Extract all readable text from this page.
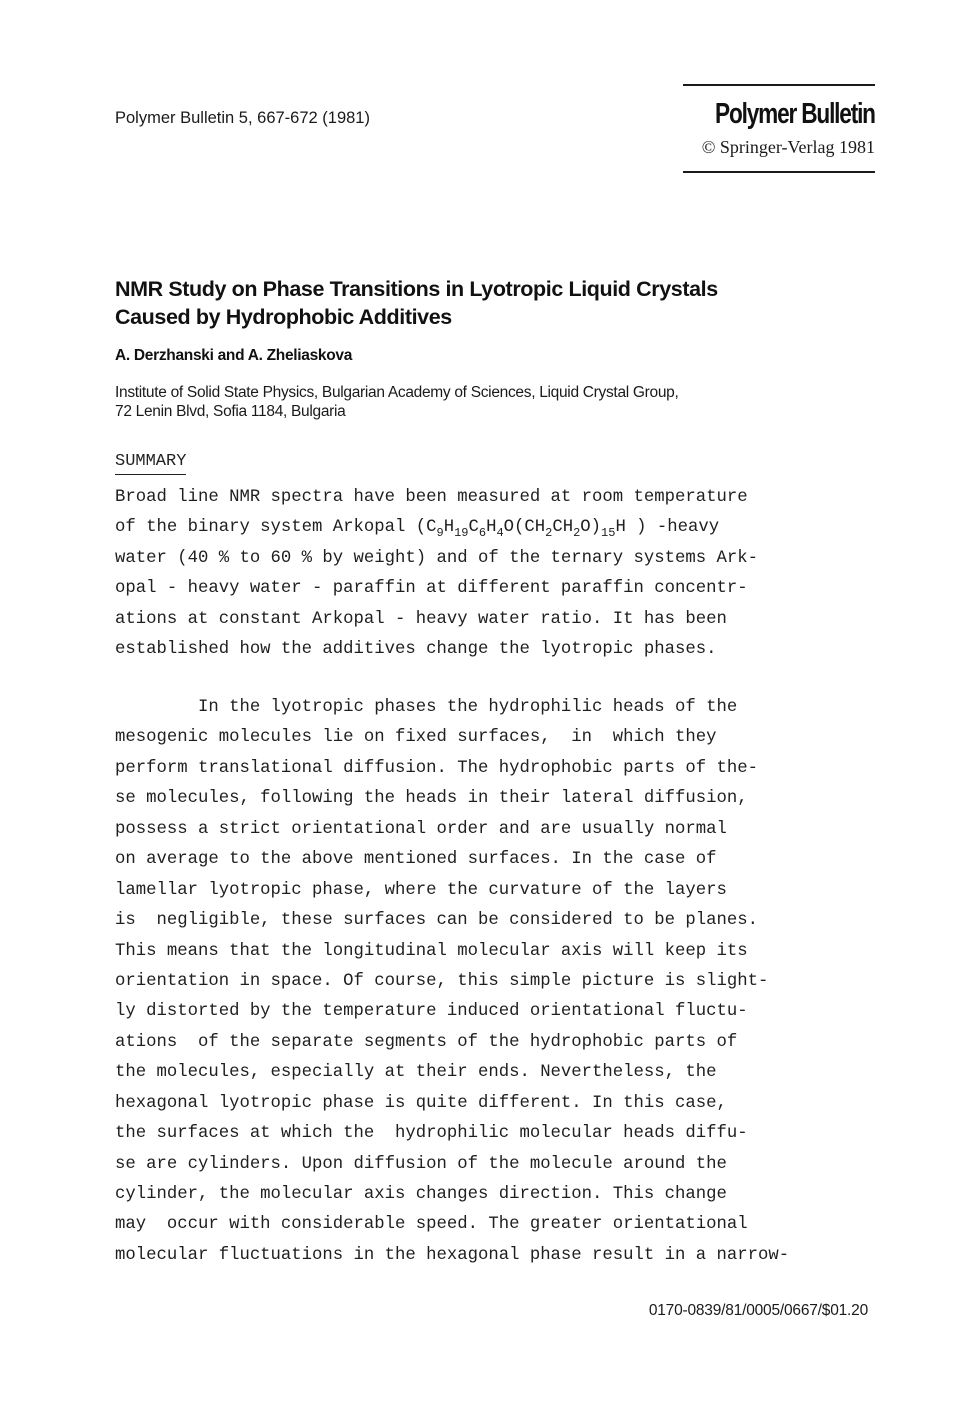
Polymer Bulletin 5, 667-672 (1981)	Polymer Bulletin
© Springer-Verlag 1981
NMR Study on Phase Transitions in Lyotropic Liquid Crystals
Caused by Hydrophobic Additives
A. Derzhanski and A. Zheliaskova
Institute of Solid State Physics, Bulgarian Academy of Sciences, Liquid Crystal Group,
72 Lenin Blvd, Sofia 1184, Bulgaria
SUMMARY
Broad line NMR spectra have been measured at room temperature
of the binary system Arkopal ($C_9H_{19}C_6H_4O(CH_2CH_2O)_{15}H$ ) -heavy
water (40 % to 60 % by weight) and of the ternary systems Ark-
opal - heavy water - paraffin at different paraffin concentr-
ations at constant Arkopal - heavy water ratio. It has been
established how the additives change the lyotropic phases.
In the lyotropic phases the hydrophilic heads of the
mesogenic molecules lie on fixed surfaces,  in  which they
perform translational diffusion. The hydrophobic parts of the-
se molecules, following the heads in their lateral diffusion,
possess a strict orientational order and are usually normal
on average to the above mentioned surfaces. In the case of
lamellar lyotropic phase, where the curvature of the layers
is  negligible, these surfaces can be considered to be planes.
This means that the longitudinal molecular axis will keep its
orientation in space. Of course, this simple picture is slight-
ly distorted by the temperature induced orientational fluctu-
ations  of the separate segments of the hydrophobic parts of
the molecules, especially at their ends. Nevertheless, the
hexagonal lyotropic phase is quite different. In this case,
the surfaces at which the  hydrophilic molecular heads diffu-
se are cylinders. Upon diffusion of the molecule around the
cylinder, the molecular axis changes direction. This change
may  occur with considerable speed. The greater orientational
molecular fluctuations in the hexagonal phase result in a narrow-
0170-0839/81/0005/0667/$01.20
